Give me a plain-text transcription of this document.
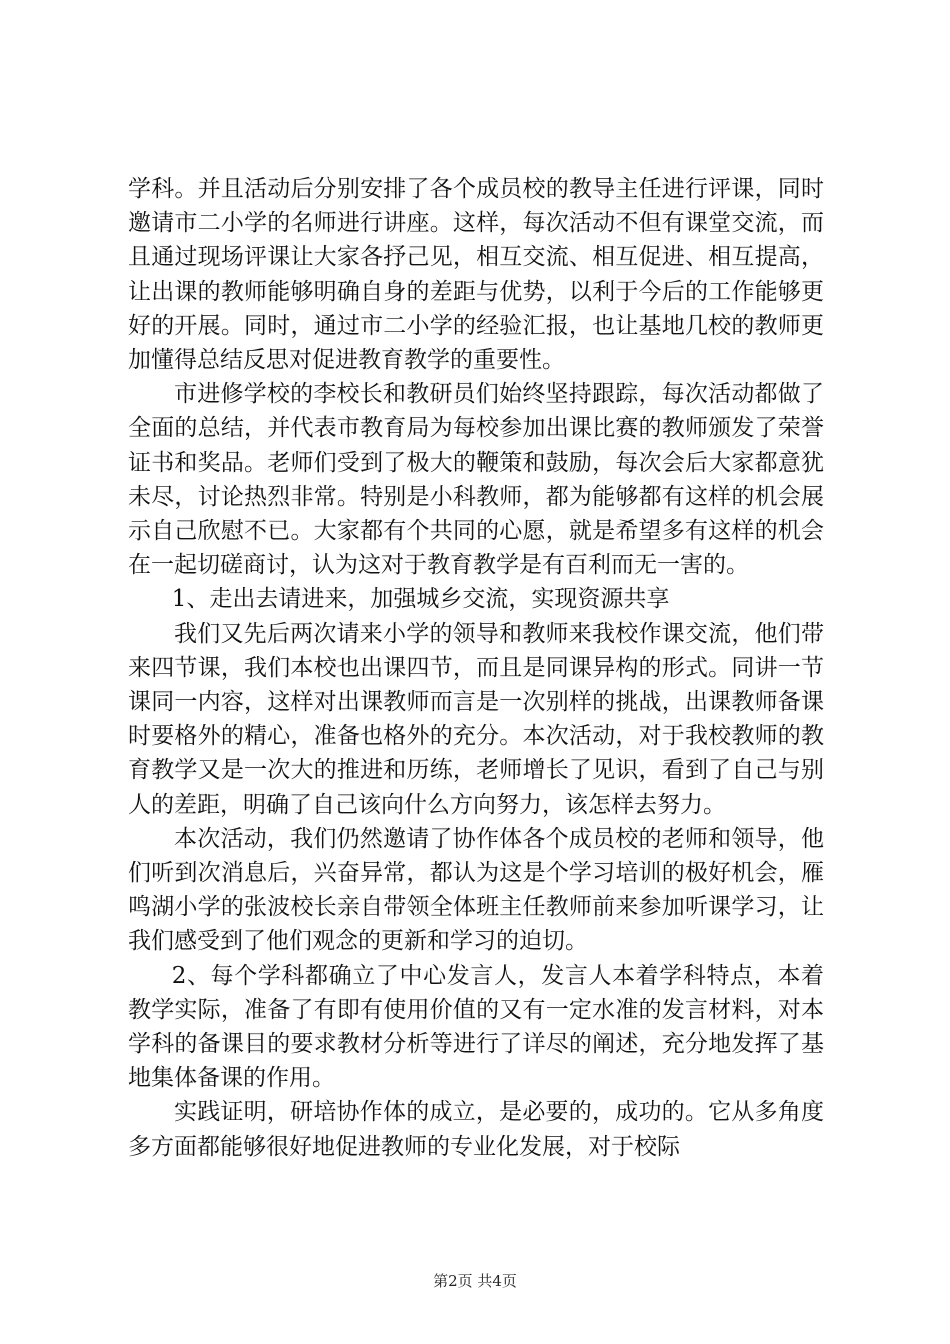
学科。并且活动后分别安排了各个成员校的教导主任进行评课，同时邀请市二小学的名师进行讲座。这样，每次活动不但有课堂交流，而且通过现场评课让大家各抒己见，相互交流、相互促进、相互提高，让出课的教师能够明确自身的差距与优势，以利于今后的工作能够更好的开展。同时，通过市二小学的经验汇报，也让基地几校的教师更加懂得总结反思对促进教育教学的重要性。

市进修学校的李校长和教研员们始终坚持跟踪，每次活动都做了全面的总结，并代表市教育局为每校参加出课比赛的教师颁发了荣誉证书和奖品。老师们受到了极大的鞭策和鼓励，每次会后大家都意犹未尽，讨论热烈非常。特别是小科教师，都为能够都有这样的机会展示自己欣慰不已。大家都有个共同的心愿，就是希望多有这样的机会在一起切磋商讨，认为这对于教育教学是有百利而无一害的。

1、走出去请进来，加强城乡交流，实现资源共享

我们又先后两次请来小学的领导和教师来我校作课交流，他们带来四节课，我们本校也出课四节，而且是同课异构的形式。同讲一节课同一内容，这样对出课教师而言是一次别样的挑战，出课教师备课时要格外的精心，准备也格外的充分。本次活动，对于我校教师的教育教学又是一次大的推进和历练，老师增长了见识，看到了自己与别人的差距，明确了自己该向什么方向努力，该怎样去努力。

本次活动，我们仍然邀请了协作体各个成员校的老师和领导，他们听到次消息后，兴奋异常，都认为这是个学习培训的极好机会，雁鸣湖小学的张波校长亲自带领全体班主任教师前来参加听课学习，让我们感受到了他们观念的更新和学习的迫切。

2、每个学科都确立了中心发言人，发言人本着学科特点，本着教学实际，准备了有即有使用价值的又有一定水准的发言材料，对本学科的备课目的要求教材分析等进行了详尽的阐述，充分地发挥了基地集体备课的作用。

实践证明，研培协作体的成立，是必要的，成功的。它从多角度多方面都能够很好地促进教师的专业化发展，对于校际

第2页 共4页
